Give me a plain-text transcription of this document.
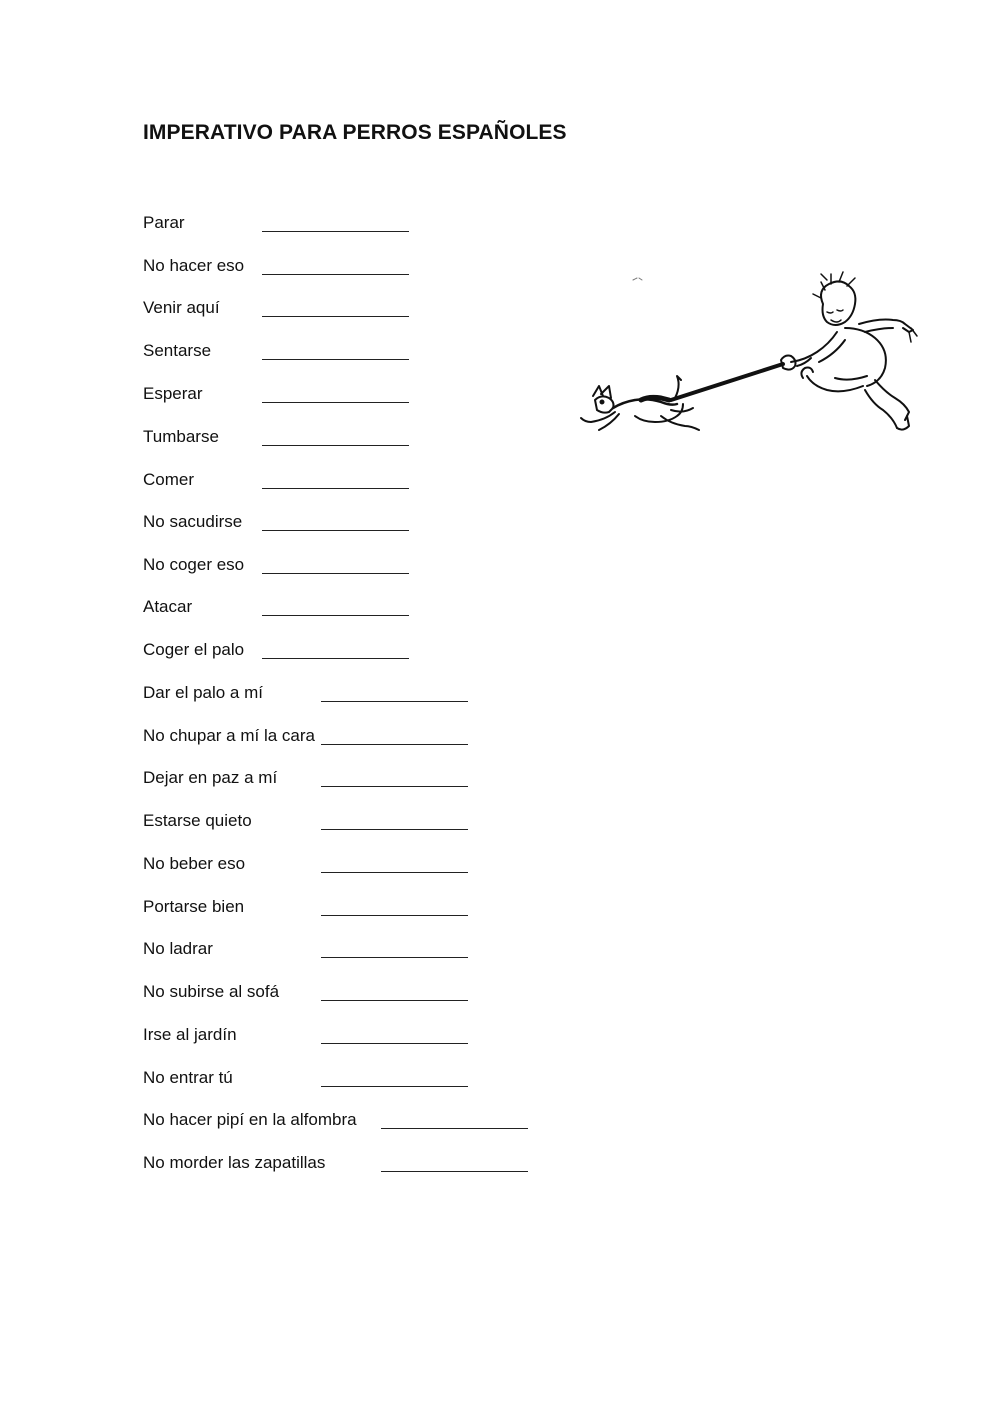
IMPERATIVO PARA PERROS ESPAÑOLES
Parar
No hacer eso
Venir aquí
Sentarse
Esperar
Tumbarse
Comer
No sacudirse
No coger eso
Atacar
Coger el palo
Dar el palo a mí
No chupar a mí la cara
Dejar en paz a mí
Estarse quieto
No beber eso
Portarse bien
No ladrar
No subirse al sofá
Irse al jardín
No entrar tú
No hacer pipí en la alfombra
No morder las zapatillas
